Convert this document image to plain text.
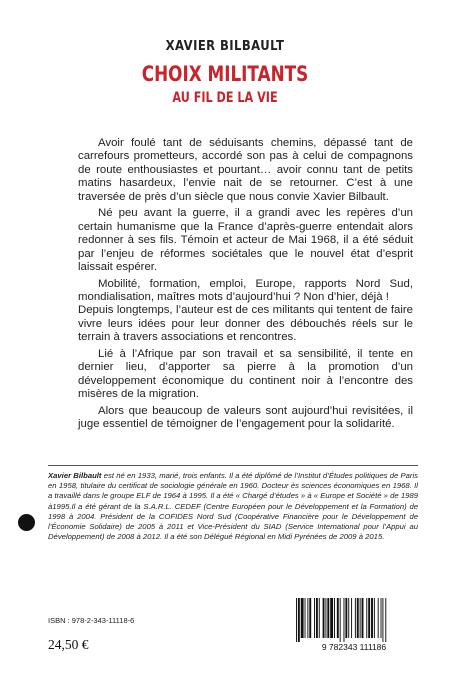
XAVIER BILBAULT
CHOIX MILITANTS
AU FIL DE LA VIE

Avoir foulé tant de séduisants chemins, dépassé tant de carrefours prometteurs, accordé son pas à celui de compagnons de route enthousiastes et pourtant… avoir connu tant de petits matins hasardeux, l’envie nait de se retourner. C’est à une traversée de près d’un siècle que nous convie Xavier Bilbault.

Né peu avant la guerre, il a grandi avec les repères d’un certain humanisme que la France d’après-guerre entendait alors redonner à ses fils. Témoin et acteur de Mai 1968, il a été séduit par l’enjeu de réformes sociétales que le nouvel état d’esprit laissait espérer.

Mobilité, formation, emploi, Europe, rapports Nord Sud, mondialisation, maîtres mots d’aujourd’hui ? Non d’hier, déjà !

Depuis longtemps, l’auteur est de ces militants qui tentent de faire vivre leurs idées pour leur donner des débouchés réels sur le terrain à travers associations et rencontres.

Lié à l’Afrique par son travail et sa sensibilité, il tente en dernier lieu, d’apporter sa pierre à la promotion d’un développement économique du continent noir à l’encontre des misères de la migration.

Alors que beaucoup de valeurs sont aujourd’hui revisitées, il juge essentiel de témoigner de l’engagement pour la solidarité.

Xavier Bilbault est né en 1933, marié, trois enfants. Il a été diplômé de l’Institut d’Études politiques de Paris en 1958, titulaire du certificat de sociologie générale en 1960. Docteur ès sciences économiques en 1968. Il a travaillé dans le groupe ELF de 1964 à 1995. Il a été « Chargé d’études » à « Europe et Société » de 1989 à1995.Il a été gérant de la S.A.R.L. CEDEF (Centre Européen pour le Développement et la Formation) de 1998 à 2004. Président de la COFIDES Nord Sud (Coopérative Financière pour le Développement de l’Économie Solidaire) de 2005 à 2011 et Vice-Président du SIAD (Service International pour l’Appui au Développement) de 2008 à 2012. Il a été son Délégué Régional en Midi Pyrénées de 2009 à 2015.
ISBN : 978-2-343-11118-6
24,50 €	9 782343 111186
